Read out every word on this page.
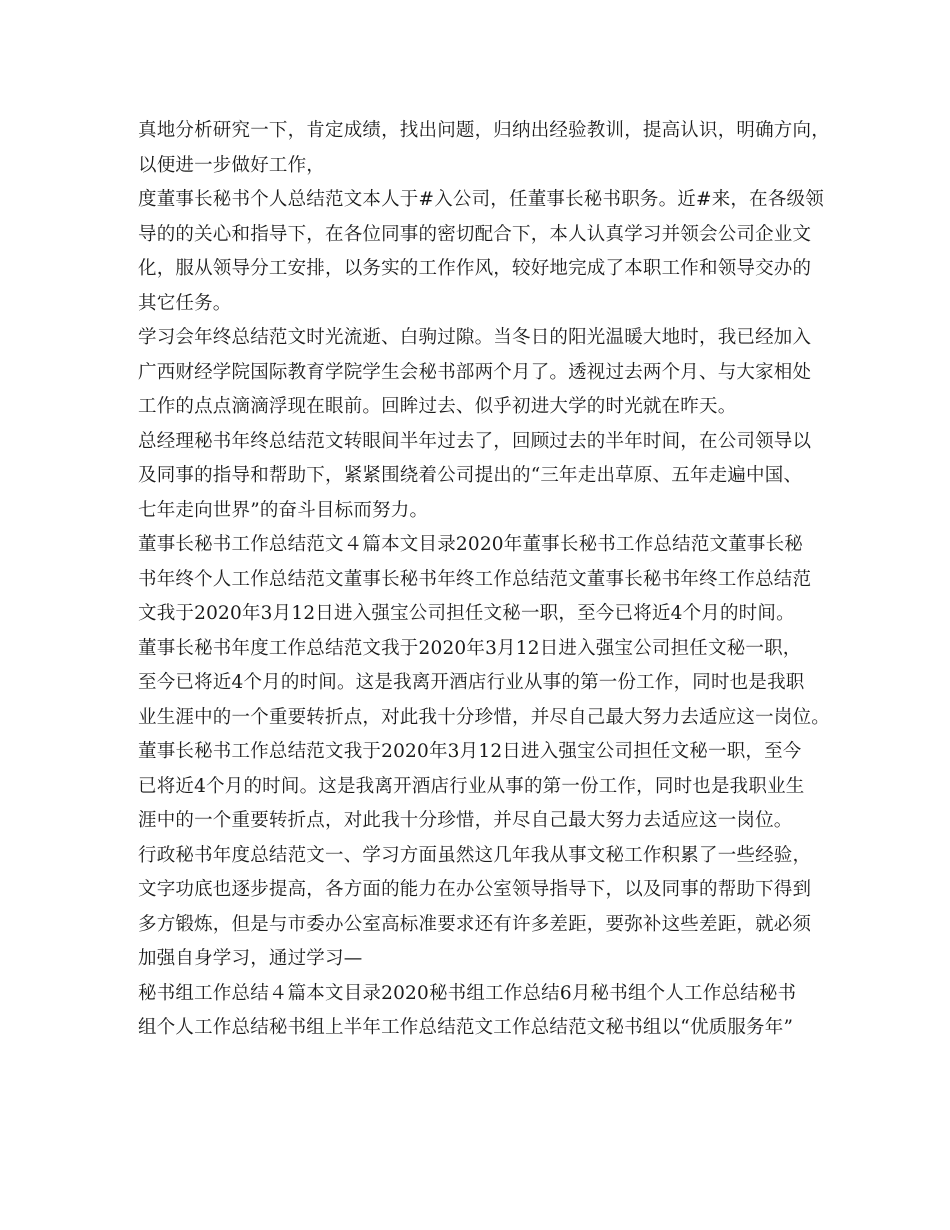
真地分析研究一下，肯定成绩，找出问题，归纳出经验教训，提高认识，明确方向，
以便进一步做好工作，
度董事长秘书个人总结范文本人于#入公司，任董事长秘书职务。近#来，在各级领
导的的关心和指导下，在各位同事的密切配合下，本人认真学习并领会公司企业文
化，服从领导分工安排，以务实的工作作风，较好地完成了本职工作和领导交办的
其它任务。
学习会年终总结范文时光流逝、白驹过隙。当冬日的阳光温暖大地时，我已经加入
广西财经学院国际教育学院学生会秘书部两个月了。透视过去两个月、与大家相处
工作的点点滴滴浮现在眼前。回眸过去、似乎初进大学的时光就在昨天。
总经理秘书年终总结范文转眼间半年过去了，回顾过去的半年时间，在公司领导以
及同事的指导和帮助下，紧紧围绕着公司提出的“三年走出草原、五年走遍中国、
七年走向世界”的奋斗目标而努力。
董事长秘书工作总结范文４篇本文目录2020年董事长秘书工作总结范文董事长秘
书年终个人工作总结范文董事长秘书年终工作总结范文董事长秘书年终工作总结范
文我于2020年3月12日进入强宝公司担任文秘一职，至今已将近4个月的时间。
董事长秘书年度工作总结范文我于2020年3月12日进入强宝公司担任文秘一职，
至今已将近4个月的时间。这是我离开酒店行业从事的第一份工作，同时也是我职
业生涯中的一个重要转折点，对此我十分珍惜，并尽自己最大努力去适应这一岗位。
董事长秘书工作总结范文我于2020年3月12日进入强宝公司担任文秘一职，至今
已将近4个月的时间。这是我离开酒店行业从事的第一份工作，同时也是我职业生
涯中的一个重要转折点，对此我十分珍惜，并尽自己最大努力去适应这一岗位。
行政秘书年度总结范文一、学习方面虽然这几年我从事文秘工作积累了一些经验，
文字功底也逐步提高，各方面的能力在办公室领导指导下，以及同事的帮助下得到
多方锻炼，但是与市委办公室高标准要求还有许多差距，要弥补这些差距，就必须
加强自身学习，通过学习—
秘书组工作总结４篇本文目录2020秘书组工作总结6月秘书组个人工作总结秘书
组个人工作总结秘书组上半年工作总结范文工作总结范文秘书组以“优质服务年”
